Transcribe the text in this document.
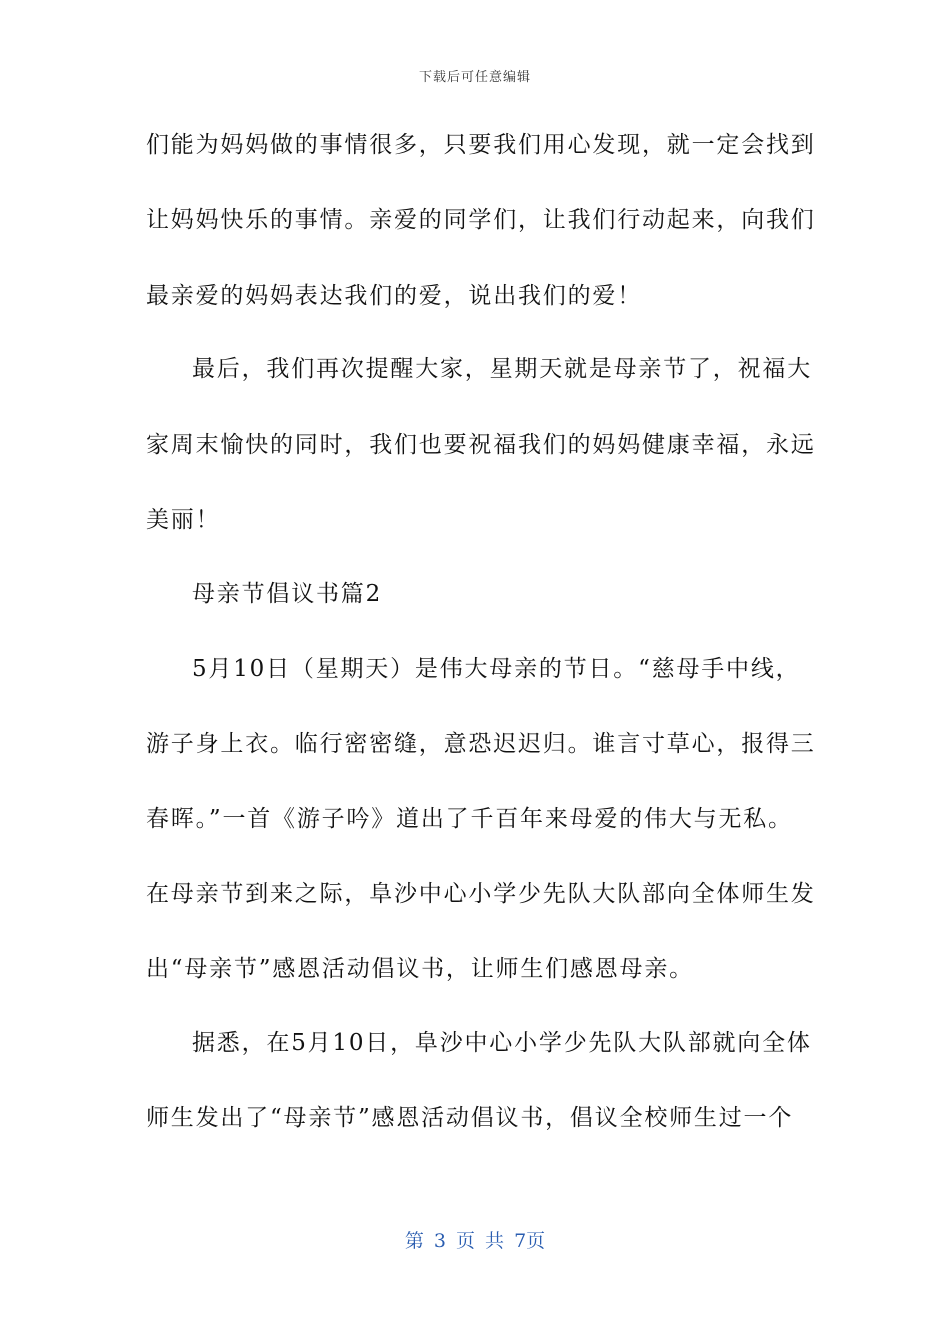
下载后可任意编辑
们能为妈妈做的事情很多，只要我们用心发现，就一定会找到
让妈妈快乐的事情。亲爱的同学们，让我们行动起来，向我们
最亲爱的妈妈表达我们的爱，说出我们的爱！
最后，我们再次提醒大家，星期天就是母亲节了，祝福大
家周末愉快的同时，我们也要祝福我们的妈妈健康幸福，永远
美丽！
母亲节倡议书篇2
5月10日（星期天）是伟大母亲的节日。“慈母手中线，
游子身上衣。临行密密缝，意恐迟迟归。谁言寸草心，报得三
春晖。”一首《游子吟》道出了千百年来母爱的伟大与无私。
在母亲节到来之际，阜沙中心小学少先队大队部向全体师生发
出“母亲节”感恩活动倡议书，让师生们感恩母亲。
据悉，在5月10日，阜沙中心小学少先队大队部就向全体
师生发出了“母亲节”感恩活动倡议书，倡议全校师生过一个
第 3 页 共 7页
